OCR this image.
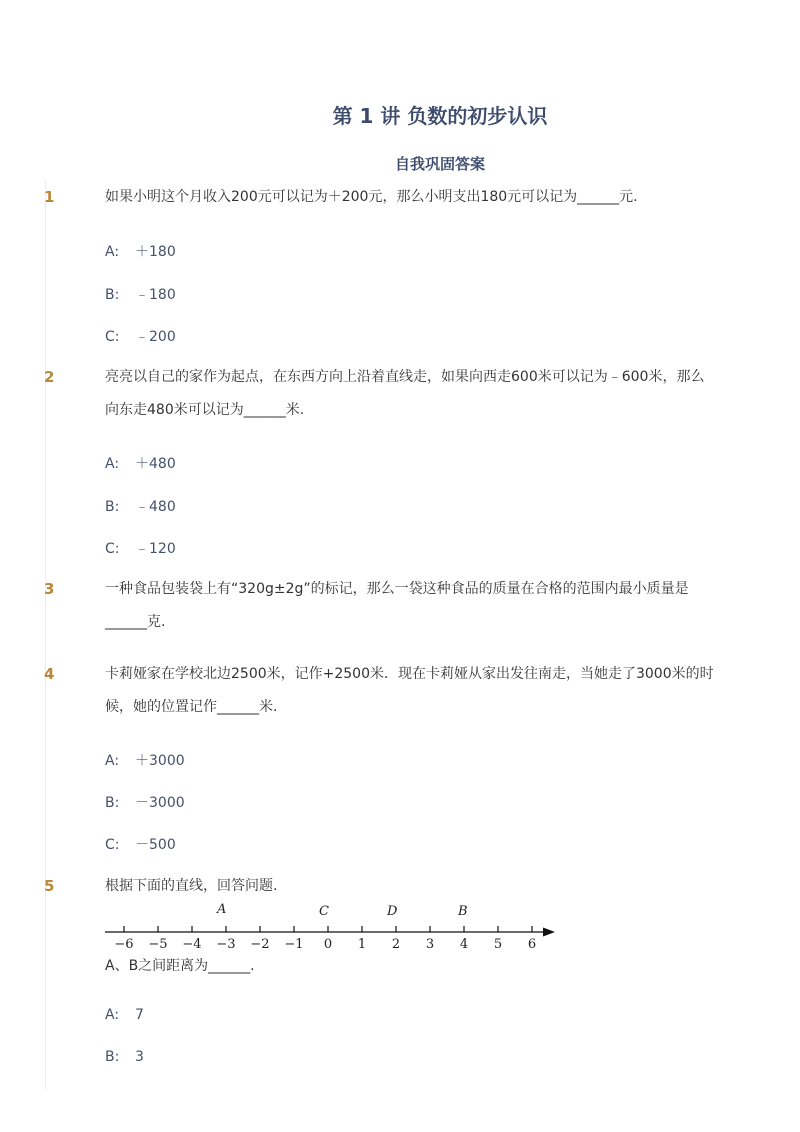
第 1 讲 负数的初步认识
自我巩固答案
1	如果小明这个月收入200元可以记为＋200元，那么小明支出180元可以记为______元.
A: ＋180
B: ﹣180
C: ﹣200
2	亮亮以自己的家作为起点，在东西方向上沿着直线走，如果向西走600米可以记为﹣600米，那么向东走480米可以记为______米.
A: ＋480
B: ﹣480
C: ﹣120
3	一种食品包装袋上有“320g±2g”的标记，那么一袋这种食品的质量在合格的范围内最小质量是______克.
4	卡莉娅家在学校北边2500米，记作+2500米．现在卡莉娅从家出发往南走，当她走了3000米的时候，她的位置记作______米.
A: ＋3000
B: －3000
C: －500
5	根据下面的直线，回答问题.
−6 −5 −4 −3 −2 −1 0 1 2 3 4 5 6
A	C	D	B
A、B之间距离为______.
A: 7
B: 3
